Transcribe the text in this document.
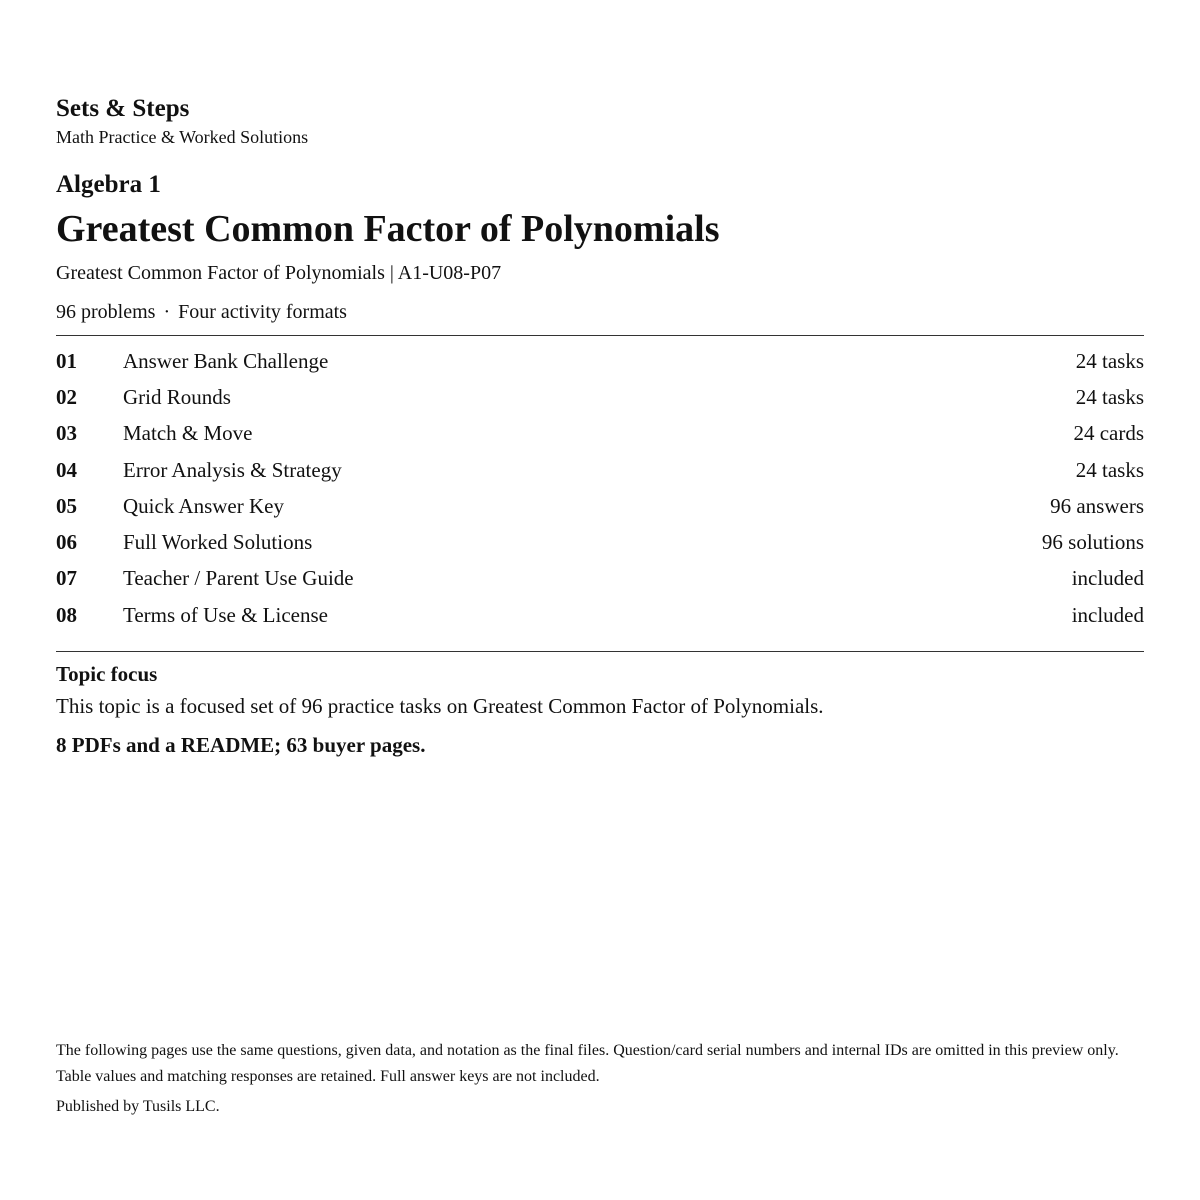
Sets & Steps
Math Practice & Worked Solutions
Algebra 1
Greatest Common Factor of Polynomials
Greatest Common Factor of Polynomials | A1-U08-P07
96 problems · Four activity formats
01	Answer Bank Challenge	24 tasks
02	Grid Rounds	24 tasks
03	Match & Move	24 cards
04	Error Analysis & Strategy	24 tasks
05	Quick Answer Key	96 answers
06	Full Worked Solutions	96 solutions
07	Teacher / Parent Use Guide	included
08	Terms of Use & License	included
Topic focus
This topic is a focused set of 96 practice tasks on Greatest Common Factor of Polynomials.
8 PDFs and a README; 63 buyer pages.
The following pages use the same questions, given data, and notation as the final files. Question/card serial numbers and internal IDs are omitted in this preview only. Table values and matching responses are retained. Full answer keys are not included.
Published by Tusils LLC.
